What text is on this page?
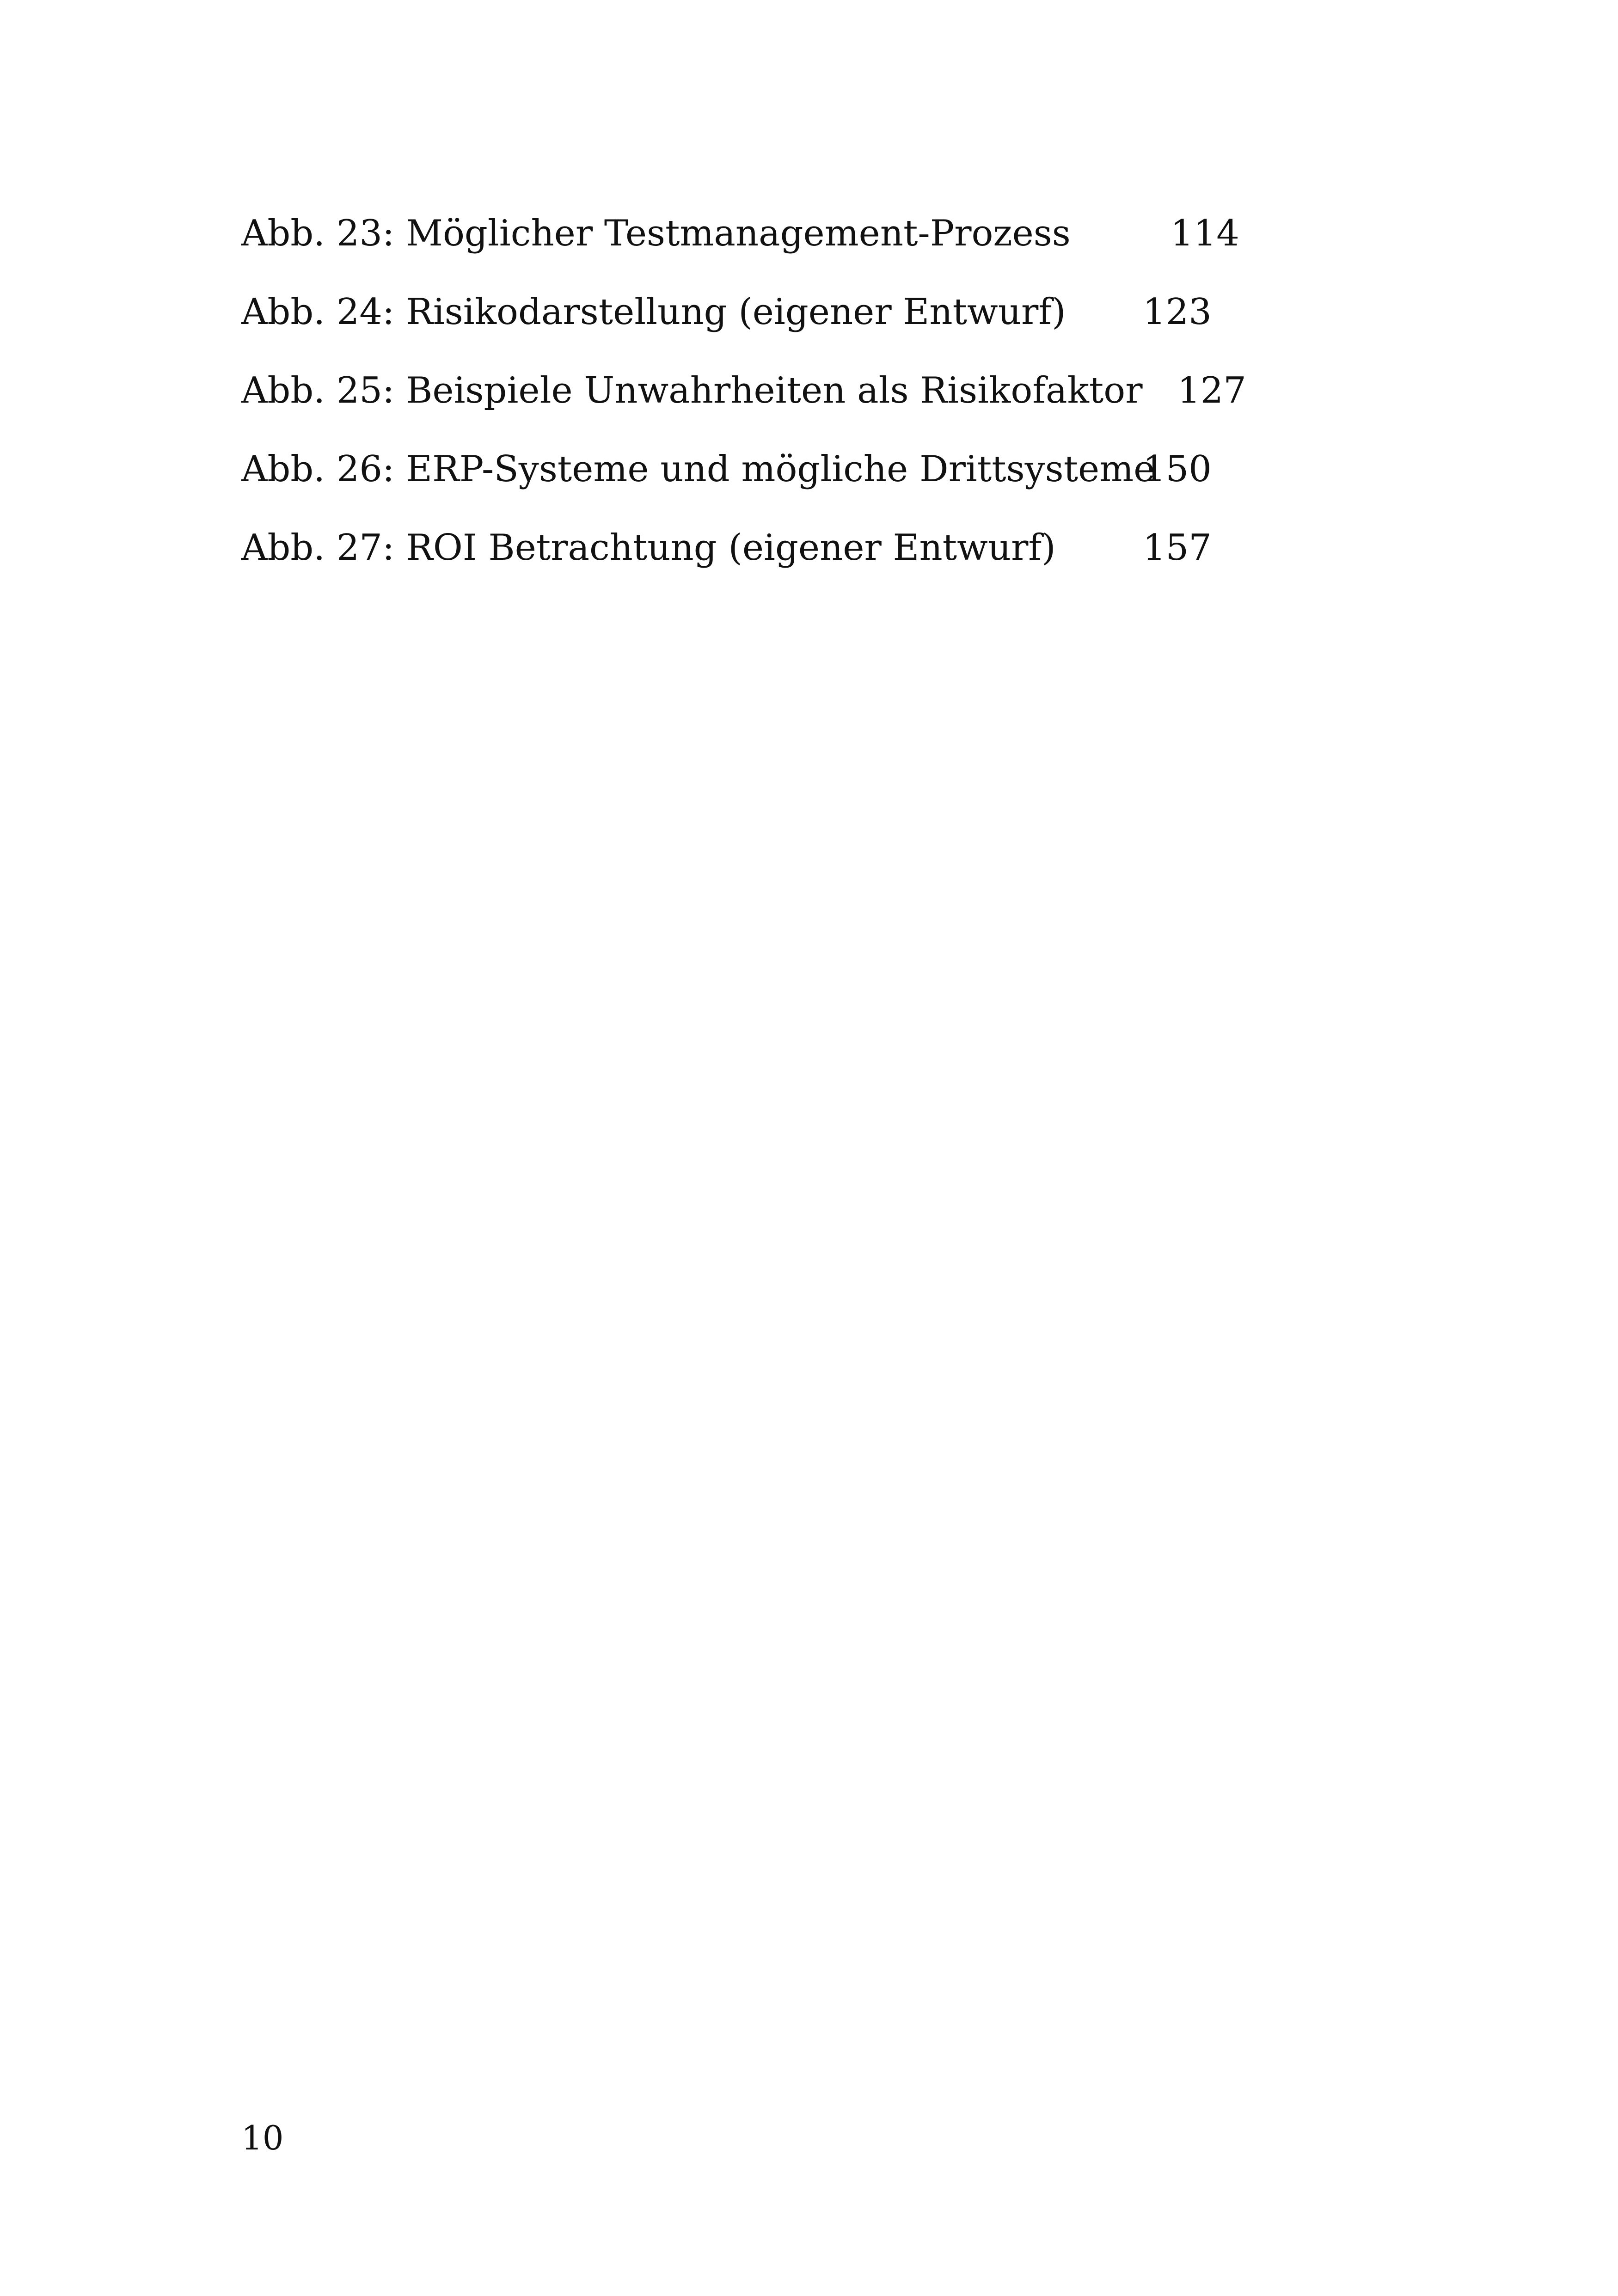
Abb. 23: Möglicher Testmanagement-Prozess	114
Abb. 24: Risikodarstellung (eigener Entwurf) 123
Abb. 25: Beispiele Unwahrheiten als Risikofaktor 127
Abb. 26: ERP-Systeme und mögliche Drittsysteme
150
Abb. 27: ROI Betrachtung (eigener Entwurf) 157
10
